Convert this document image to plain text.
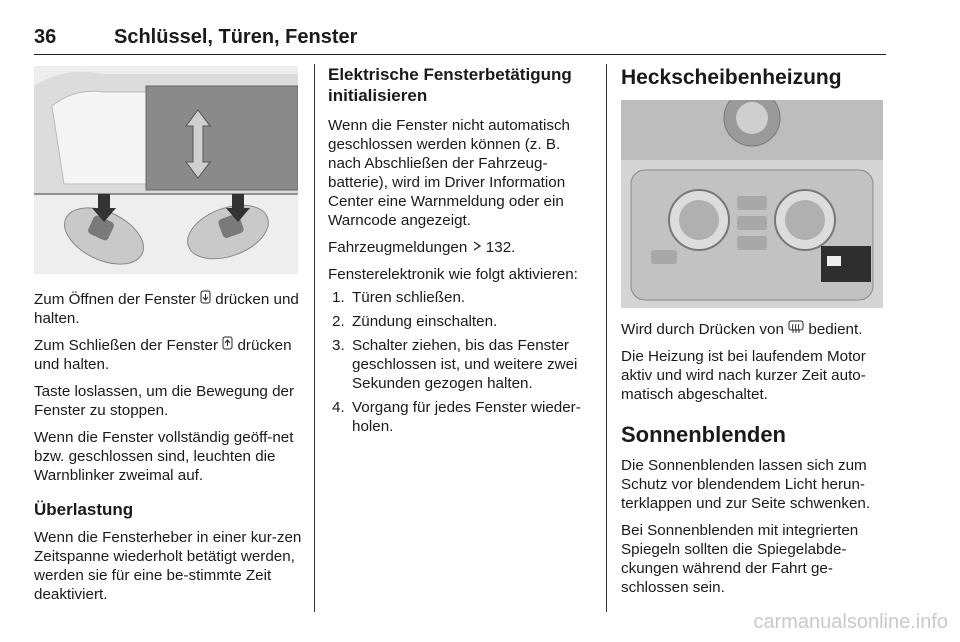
36	Schlüssel, Türen, Fenster

Zum Öffnen der Fenster drücken und halten.

Zum Schließen der Fenster drücken und halten.

Taste loslassen, um die Bewegung der Fenster zu stoppen.

Wenn die Fenster vollständig geöff-net bzw. geschlossen sind, leuchten die Warnblinker zweimal auf.

Überlastung

Wenn die Fensterheber in einer kur-zen Zeitspanne wiederholt betätigt werden, werden sie für eine be-stimmte Zeit deaktiviert.

Elektrische Fensterbetätigung initialisieren

Wenn die Fenster nicht automatisch geschlossen werden können (z. B. nach Abschließen der Fahrzeug-batterie), wird im Driver Information Center eine Warnmeldung oder ein Warncode angezeigt.

Fahrzeugmeldungen 132.

Fensterelektronik wie folgt aktivieren:

1. Türen schließen.
2. Zündung einschalten.
3. Schalter ziehen, bis das Fenster geschlossen ist, und weitere zwei Sekunden gezogen halten.
4. Vorgang für jedes Fenster wieder-holen.
Heckscheibenheizung

Wird durch Drücken von bedient.

Die Heizung ist bei laufendem Motor aktiv und wird nach kurzer Zeit auto-matisch abgeschaltet.

Sonnenblenden

Die Sonnenblenden lassen sich zum Schutz vor blendendem Licht herun-terklappen und zur Seite schwenken.

Bei Sonnenblenden mit integrierten Spiegeln sollten die Spiegelabde-ckungen während der Fahrt ge-schlossen sein.

carmanualsonline.info
